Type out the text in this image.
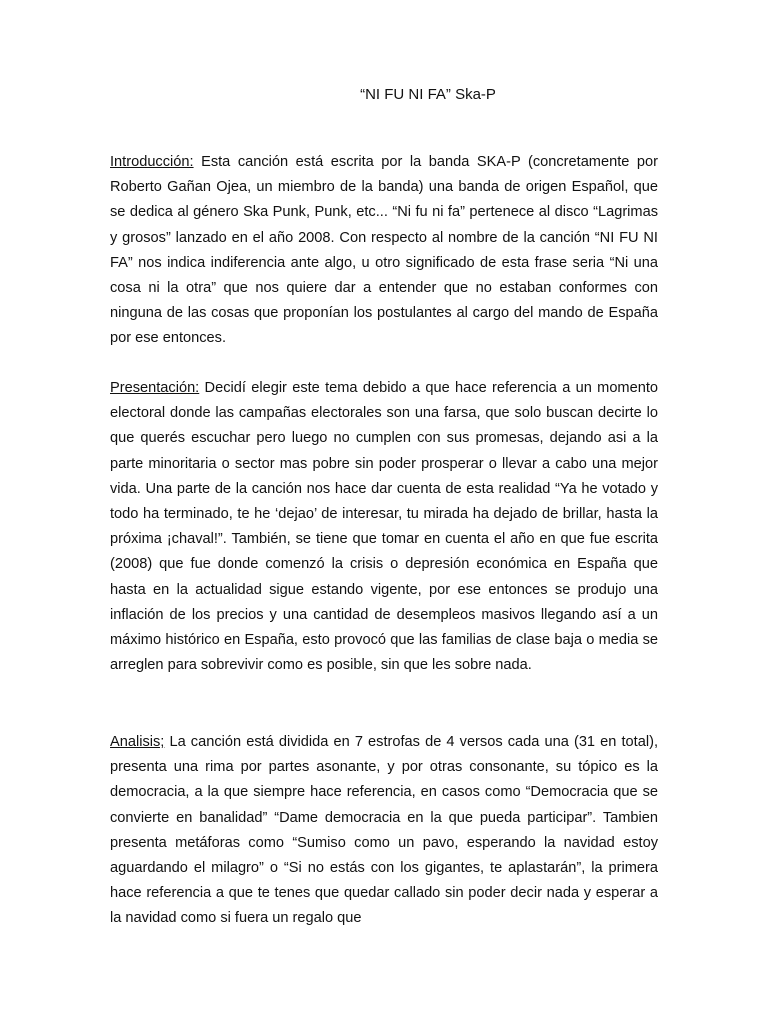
“NI FU NI FA” Ska-P

Introducción: Esta canción está escrita por la banda SKA-P (concretamente por Roberto Gañan Ojea, un miembro de la banda) una banda de origen Español, que se dedica al género Ska Punk, Punk, etc... “Ni fu ni fa” pertenece al disco “Lagrimas y grosos” lanzado en el año 2008. Con respecto al nombre de la canción “NI FU NI FA” nos indica indiferencia ante algo, u otro significado de esta frase seria “Ni una cosa ni la otra” que nos quiere dar a entender que no estaban conformes con ninguna de las cosas que proponían los postulantes al cargo del mando de España por ese entonces.

Presentación: Decidí elegir este tema debido a que hace referencia a un momento electoral donde las campañas electorales son una farsa, que solo buscan decirte lo que querés escuchar pero luego no cumplen con sus promesas, dejando asi a la parte minoritaria o sector mas pobre sin poder prosperar o llevar a cabo una mejor vida. Una parte de la canción nos hace dar cuenta de esta realidad “Ya he votado y todo ha terminado, te he ‘dejao’ de interesar, tu mirada ha dejado de brillar, hasta la próxima ¡chaval!”. También, se tiene que tomar en cuenta el año en que fue escrita (2008) que fue donde comenzó la crisis o depresión económica en España que hasta en la actualidad sigue estando vigente, por ese entonces se produjo una inflación de los precios y una cantidad de desempleos masivos llegando así a un máximo histórico en España, esto provocó que las familias de clase baja o media se arreglen para sobrevivir como es posible, sin que les sobre nada.

Analisis; La canción está dividida en 7 estrofas de 4 versos cada una (31 en total), presenta una rima por partes asonante, y por otras consonante, su tópico es la democracia, a la que siempre hace referencia, en casos como “Democracia que se convierte en banalidad” “Dame democracia en la que pueda participar”. Tambien presenta metáforas como “Sumiso como un pavo, esperando la navidad estoy aguardando el milagro” o “Si no estás con los gigantes, te aplastarán”, la primera hace referencia a que te tenes que quedar callado sin poder decir nada y esperar a la navidad como si fuera un regalo que
